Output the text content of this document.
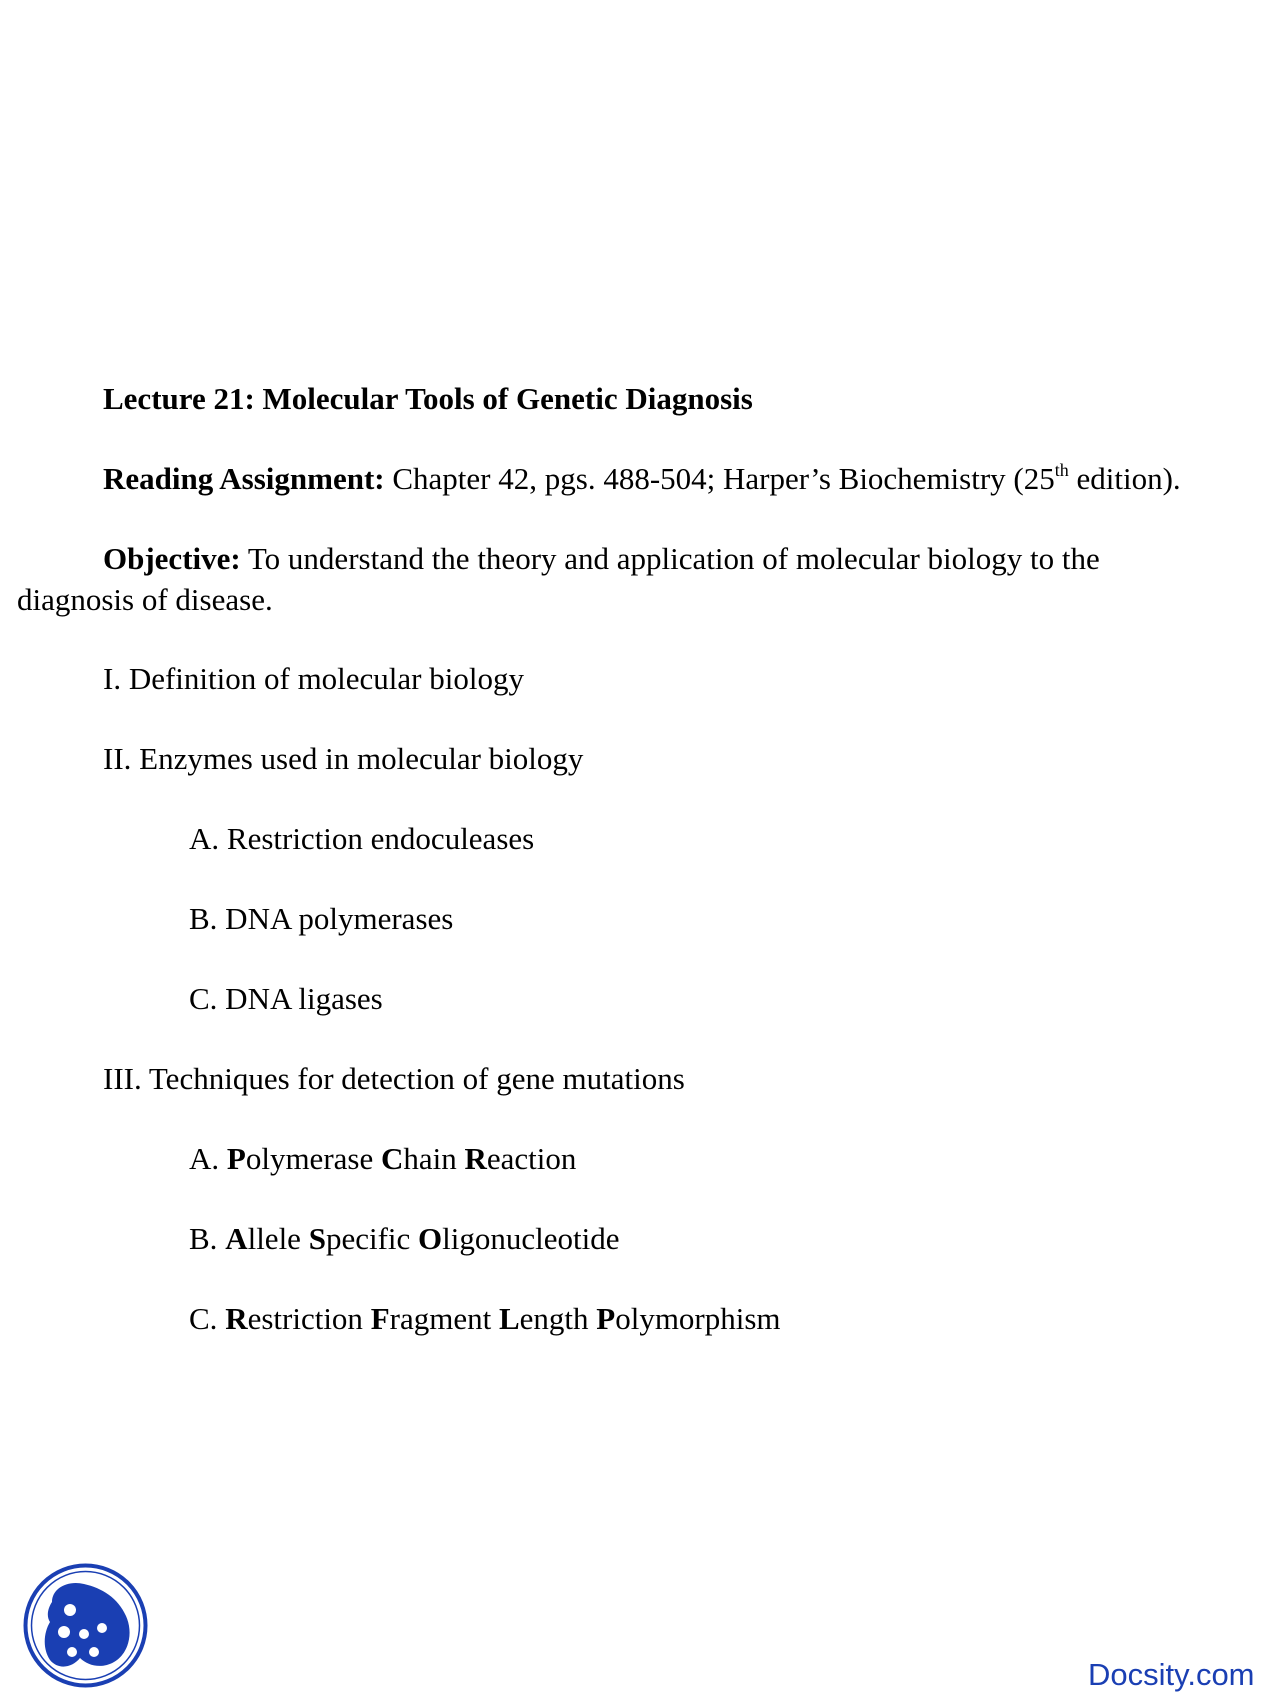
Lecture 21: Molecular Tools of Genetic Diagnosis
Reading Assignment: Chapter 42, pgs. 488-504; Harper’s Biochemistry (25th edition).
Objective: To understand the theory and application of molecular biology to the
diagnosis of disease.
I. Definition of molecular biology
II. Enzymes used in molecular biology
A. Restriction endoculeases
B. DNA polymerases
C. DNA ligases
III. Techniques for detection of gene mutations
A. Polymerase Chain Reaction
B. Allele Specific Oligonucleotide
C. Restriction Fragment Length Polymorphism
Docsity.com
